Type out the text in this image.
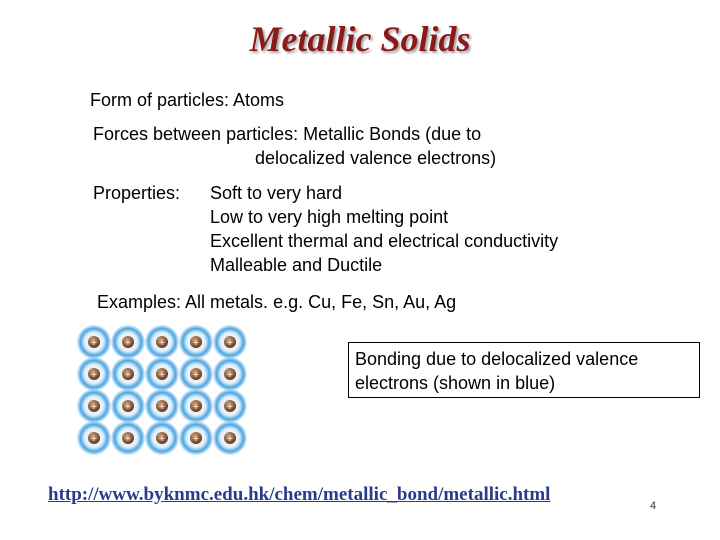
Metallic Solids
Form of particles: Atoms
Forces between particles: Metallic Bonds (due to
delocalized valence electrons)
Properties: Soft to very hard
Low to very high melting point
Excellent thermal and electrical conductivity
Malleable and Ductile
Examples: All metals. e.g. Cu, Fe, Sn, Au, Ag
+	+	+	+	+
+	+	+	+	+
+	+	+	+	+
+	+	+	+	+
Bonding due to delocalized valence electrons (shown in blue)
http://www.byknmc.edu.hk/chem/metallic_bond/metallic.html
4
